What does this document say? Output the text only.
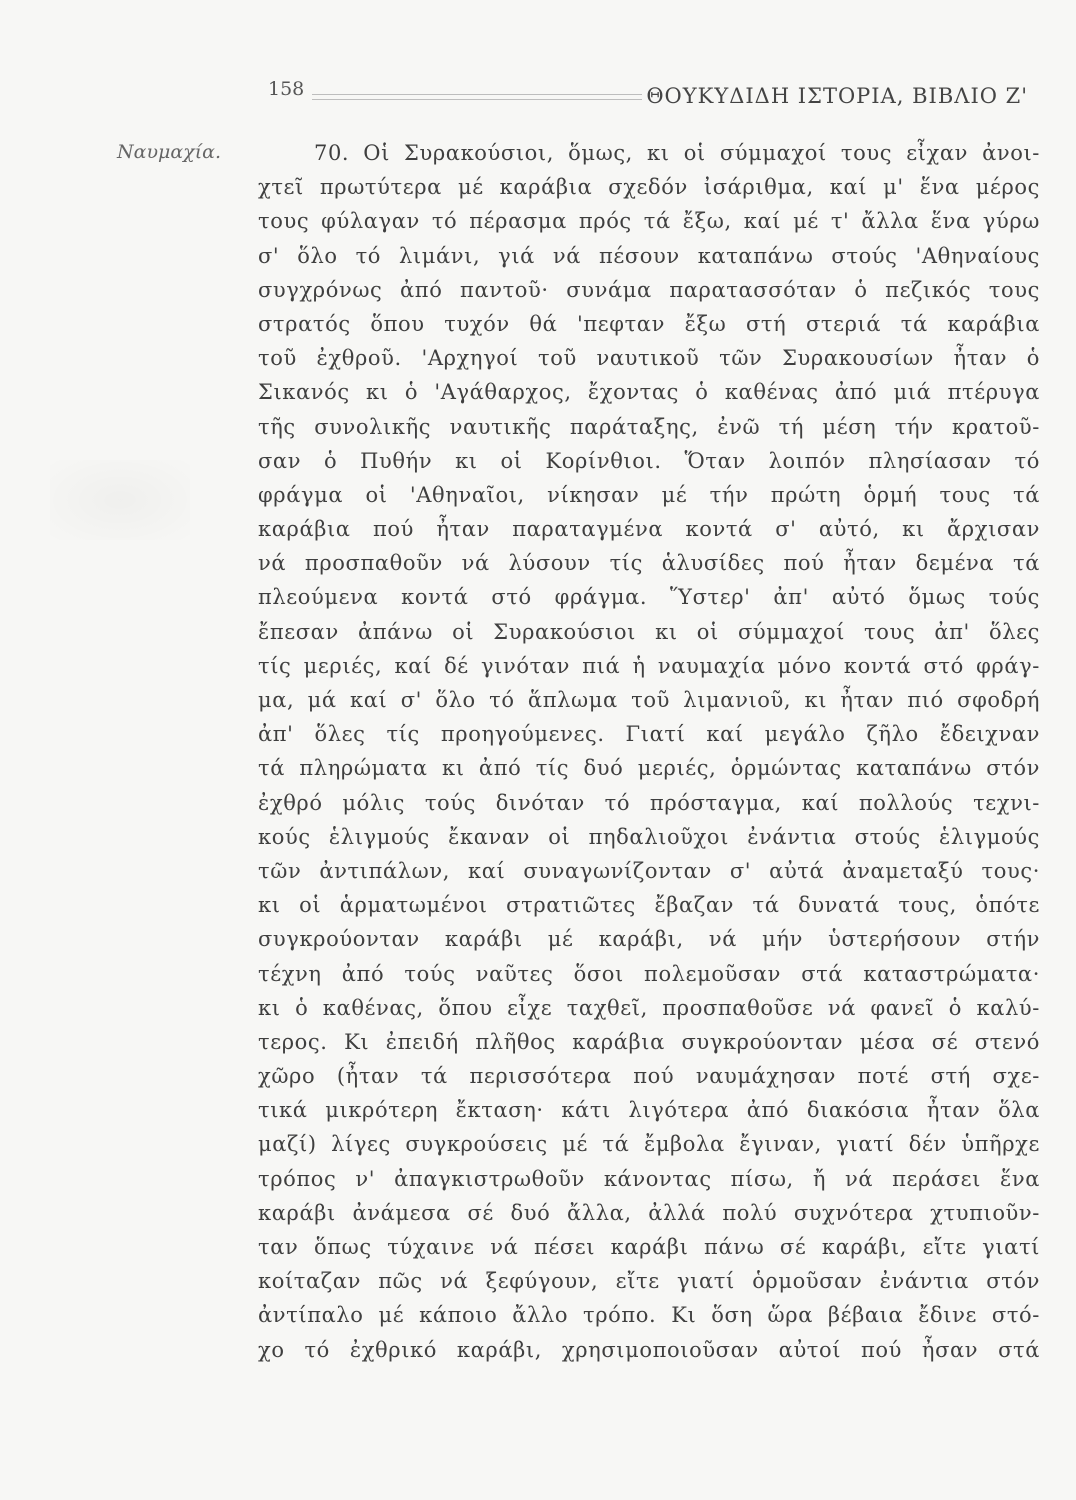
158	ΘΟΥΚΥΔΙΔΗ ΙΣΤΟΡΙΑ, ΒΙΒΛΙΟ Ζ'
Ναυμαχία.	70. Οἱ Συρακούσιοι, ὅμως, κι οἱ σύμμαχοί τους εἶχαν ἀνοι-
χτεῖ πρωτύτερα μέ καράβια σχεδόν ἰσάριθμα, καί μ' ἕνα μέρος
τους φύλαγαν τό πέρασμα πρός τά ἔξω, καί μέ τ' ἄλλα ἕνα γύρω
σ' ὅλο τό λιμάνι, γιά νά πέσουν καταπάνω στούς 'Αθηναίους
συγχρόνως ἀπό παντοῦ· συνάμα παρατασσόταν ὁ πεζικός τους
στρατός ὅπου τυχόν θά 'πεφταν ἔξω στή στεριά τά καράβια
τοῦ ἐχθροῦ. 'Αρχηγοί τοῦ ναυτικοῦ τῶν Συρακουσίων ἦταν ὁ
Σικανός κι ὁ 'Αγάθαρχος, ἔχοντας ὁ καθένας ἀπό μιά πτέρυγα
τῆς συνολικῆς ναυτικῆς παράταξης, ἐνῶ τή μέση τήν κρατοῦ-
σαν ὁ Πυθήν κι οἱ Κορίνθιοι. Ὅταν λοιπόν πλησίασαν τό
φράγμα οἱ 'Αθηναῖοι, νίκησαν μέ τήν πρώτη ὁρμή τους τά
καράβια πού ἦταν παραταγμένα κοντά σ' αὐτό, κι ἄρχισαν
νά προσπαθοῦν νά λύσουν τίς ἁλυσίδες πού ἦταν δεμένα τά
πλεούμενα κοντά στό φράγμα. Ὕστερ' ἀπ' αὐτό ὅμως τούς
ἔπεσαν ἀπάνω οἱ Συρακούσιοι κι οἱ σύμμαχοί τους ἀπ' ὅλες
τίς μεριές, καί δέ γινόταν πιά ἡ ναυμαχία μόνο κοντά στό φράγ-
μα, μά καί σ' ὅλο τό ἅπλωμα τοῦ λιμανιοῦ, κι ἦταν πιό σφοδρή
ἀπ' ὅλες τίς προηγούμενες. Γιατί καί μεγάλο ζῆλο ἔδειχναν
τά πληρώματα κι ἀπό τίς δυό μεριές, ὁρμώντας καταπάνω στόν
ἐχθρό μόλις τούς δινόταν τό πρόσταγμα, καί πολλούς τεχνι-
κούς ἑλιγμούς ἔκαναν οἱ πηδαλιοῦχοι ἐνάντια στούς ἑλιγμούς
τῶν ἀντιπάλων, καί συναγωνίζονταν σ' αὐτά ἀναμεταξύ τους·
κι οἱ ἁρματωμένοι στρατιῶτες ἔβαζαν τά δυνατά τους, ὁπότε
συγκρούονταν καράβι μέ καράβι, νά μήν ὑστερήσουν στήν
τέχνη ἀπό τούς ναῦτες ὅσοι πολεμοῦσαν στά καταστρώματα·
κι ὁ καθένας, ὅπου εἶχε ταχθεῖ, προσπαθοῦσε νά φανεῖ ὁ καλύ-
τερος. Κι ἐπειδή πλῆθος καράβια συγκρούονταν μέσα σέ στενό
χῶρο (ἦταν τά περισσότερα πού ναυμάχησαν ποτέ στή σχε-
τικά μικρότερη ἔκταση· κάτι λιγότερα ἀπό διακόσια ἦταν ὅλα
μαζί) λίγες συγκρούσεις μέ τά ἔμβολα ἔγιναν, γιατί δέν ὑπῆρχε
τρόπος ν' ἀπαγκιστρωθοῦν κάνοντας πίσω, ἤ νά περάσει ἕνα
καράβι ἀνάμεσα σέ δυό ἄλλα, ἀλλά πολύ συχνότερα χτυπιοῦν-
ταν ὅπως τύχαινε νά πέσει καράβι πάνω σέ καράβι, εἴτε γιατί
κοίταζαν πῶς νά ξεφύγουν, εἴτε γιατί ὁρμοῦσαν ἐνάντια στόν
ἀντίπαλο μέ κάποιο ἄλλο τρόπο. Κι ὅση ὥρα βέβαια ἔδινε στό-
χο τό ἐχθρικό καράβι, χρησιμοποιοῦσαν αὐτοί πού ἦσαν στά
